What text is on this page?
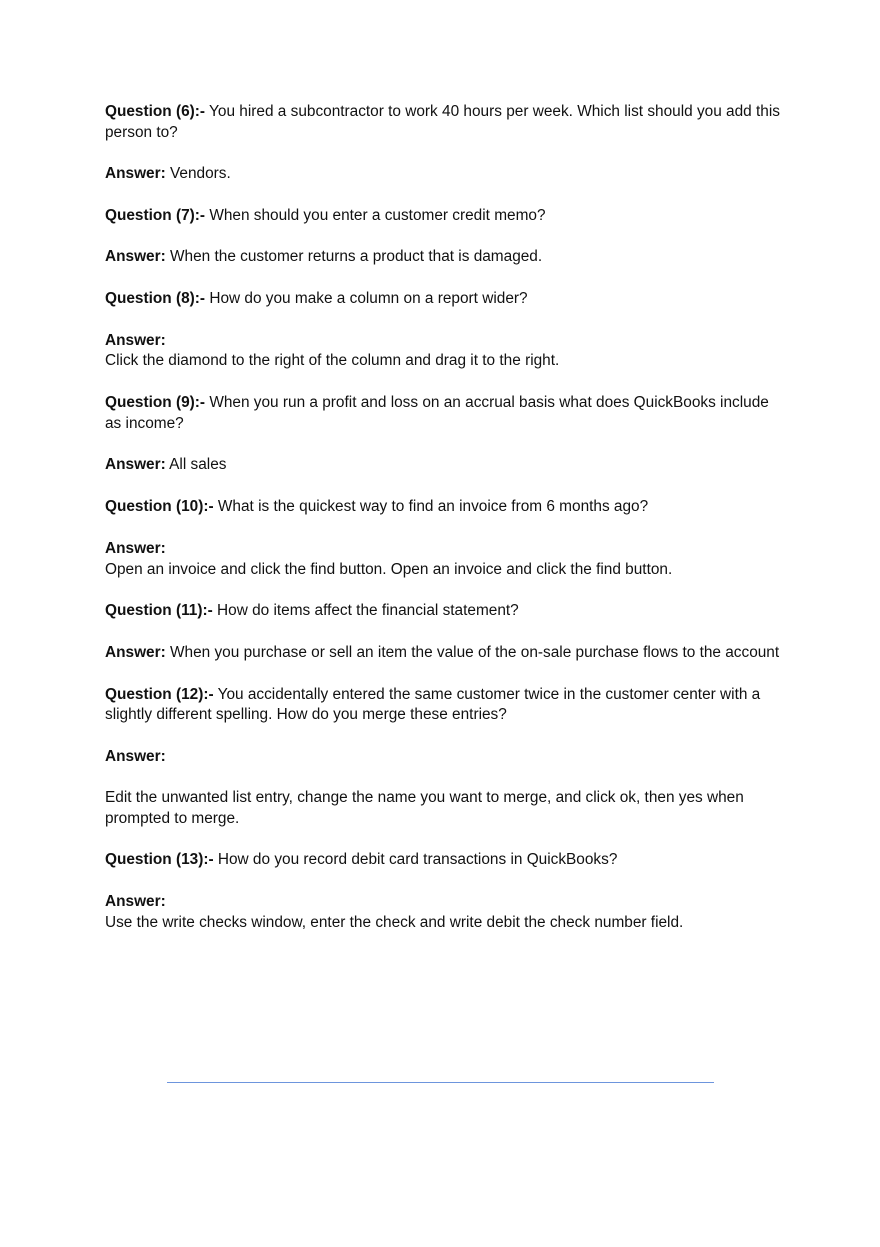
Question (6):- You hired a subcontractor to work 40 hours per week. Which list should you add this person to?

Answer: Vendors.

Question (7):- When should you enter a customer credit memo?

Answer: When the customer returns a product that is damaged.

Question (8):- How do you make a column on a report wider?

Answer:
Click the diamond to the right of the column and drag it to the right.

Question (9):- When you run a profit and loss on an accrual basis what does QuickBooks include as income?

Answer: All sales

Question (10):- What is the quickest way to find an invoice from 6 months ago?

Answer:
Open an invoice and click the find button. Open an invoice and click the find button.

Question (11):- How do items affect the financial statement?

Answer: When you purchase or sell an item the value of the on-sale purchase flows to the account

Question (12):- You accidentally entered the same customer twice in the customer center with a slightly different spelling. How do you merge these entries?

Answer:
Edit the unwanted list entry, change the name you want to merge, and click ok, then yes when prompted to merge.

Question (13):- How do you record debit card transactions in QuickBooks?

Answer:
Use the write checks window, enter the check and write debit the check number field.
